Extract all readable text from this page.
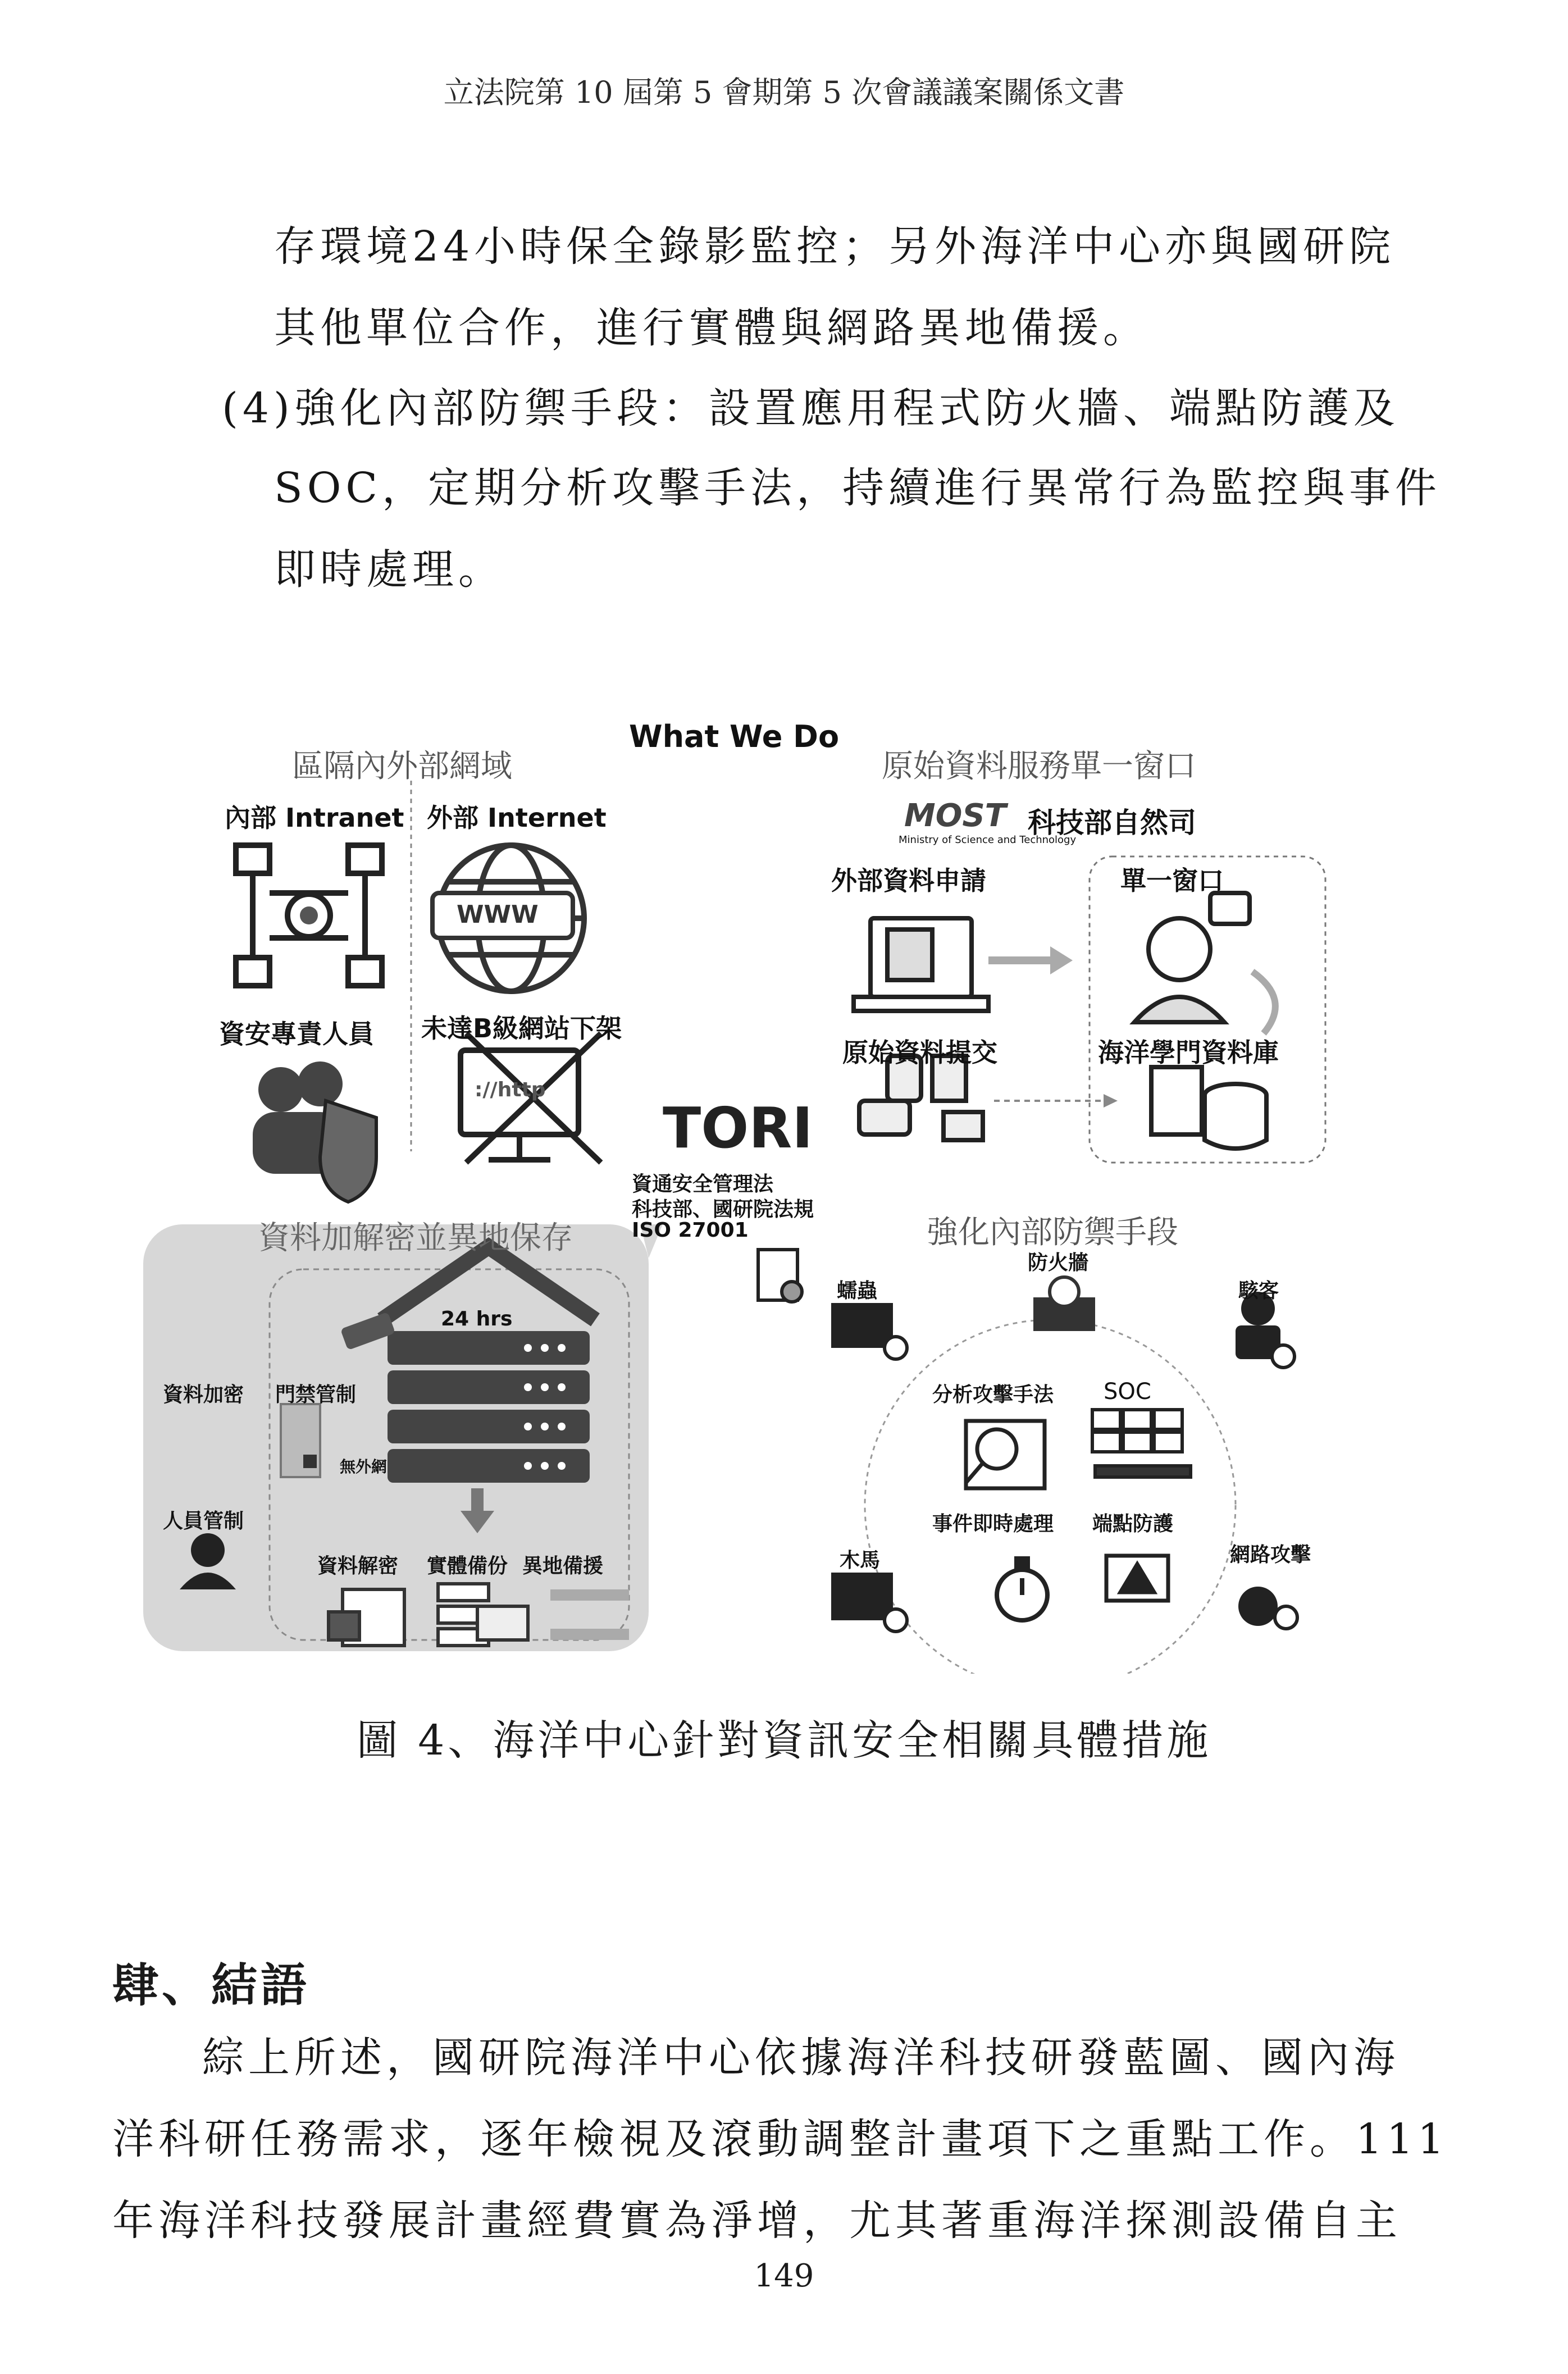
立法院第 10 屆第 5 會期第 5 次會議議案關係文書
存環境24小時保全錄影監控；另外海洋中心亦與國研院
其他單位合作，進行實體與網路異地備援。
(4)強化內部防禦手段：設置應用程式防火牆、端點防護及
SOC，定期分析攻擊手法，持續進行異常行為監控與事件
即時處理。
What We Do
區隔內外部網域
內部 Intranet 外部 Internet
WWW
資安專責人員 未達B級網站下架
://http
原始資料服務單一窗口
MOST 科技部自然司
Ministry of Science and Technology
外部資料申請	單一窗口
原始資料提交	海洋學門資料庫
TORI
資通安全管理法
科技部、國研院法規
ISO 27001
資料加解密並異地保存
24 hrs
資料加密 門禁管制
無外網
人員管制
資料解密 實體備份 異地備援
強化內部防禦手段
防火牆
蠕蟲	駭客
分析攻擊手法 SOC
事件即時處理 端點防護
木馬	網路攻擊
圖 4、海洋中心針對資訊安全相關具體措施
肆、結語
綜上所述，國研院海洋中心依據海洋科技研發藍圖、國內海
洋科研任務需求，逐年檢視及滾動調整計畫項下之重點工作。111
年海洋科技發展計畫經費實為淨增，尤其著重海洋探測設備自主
149
